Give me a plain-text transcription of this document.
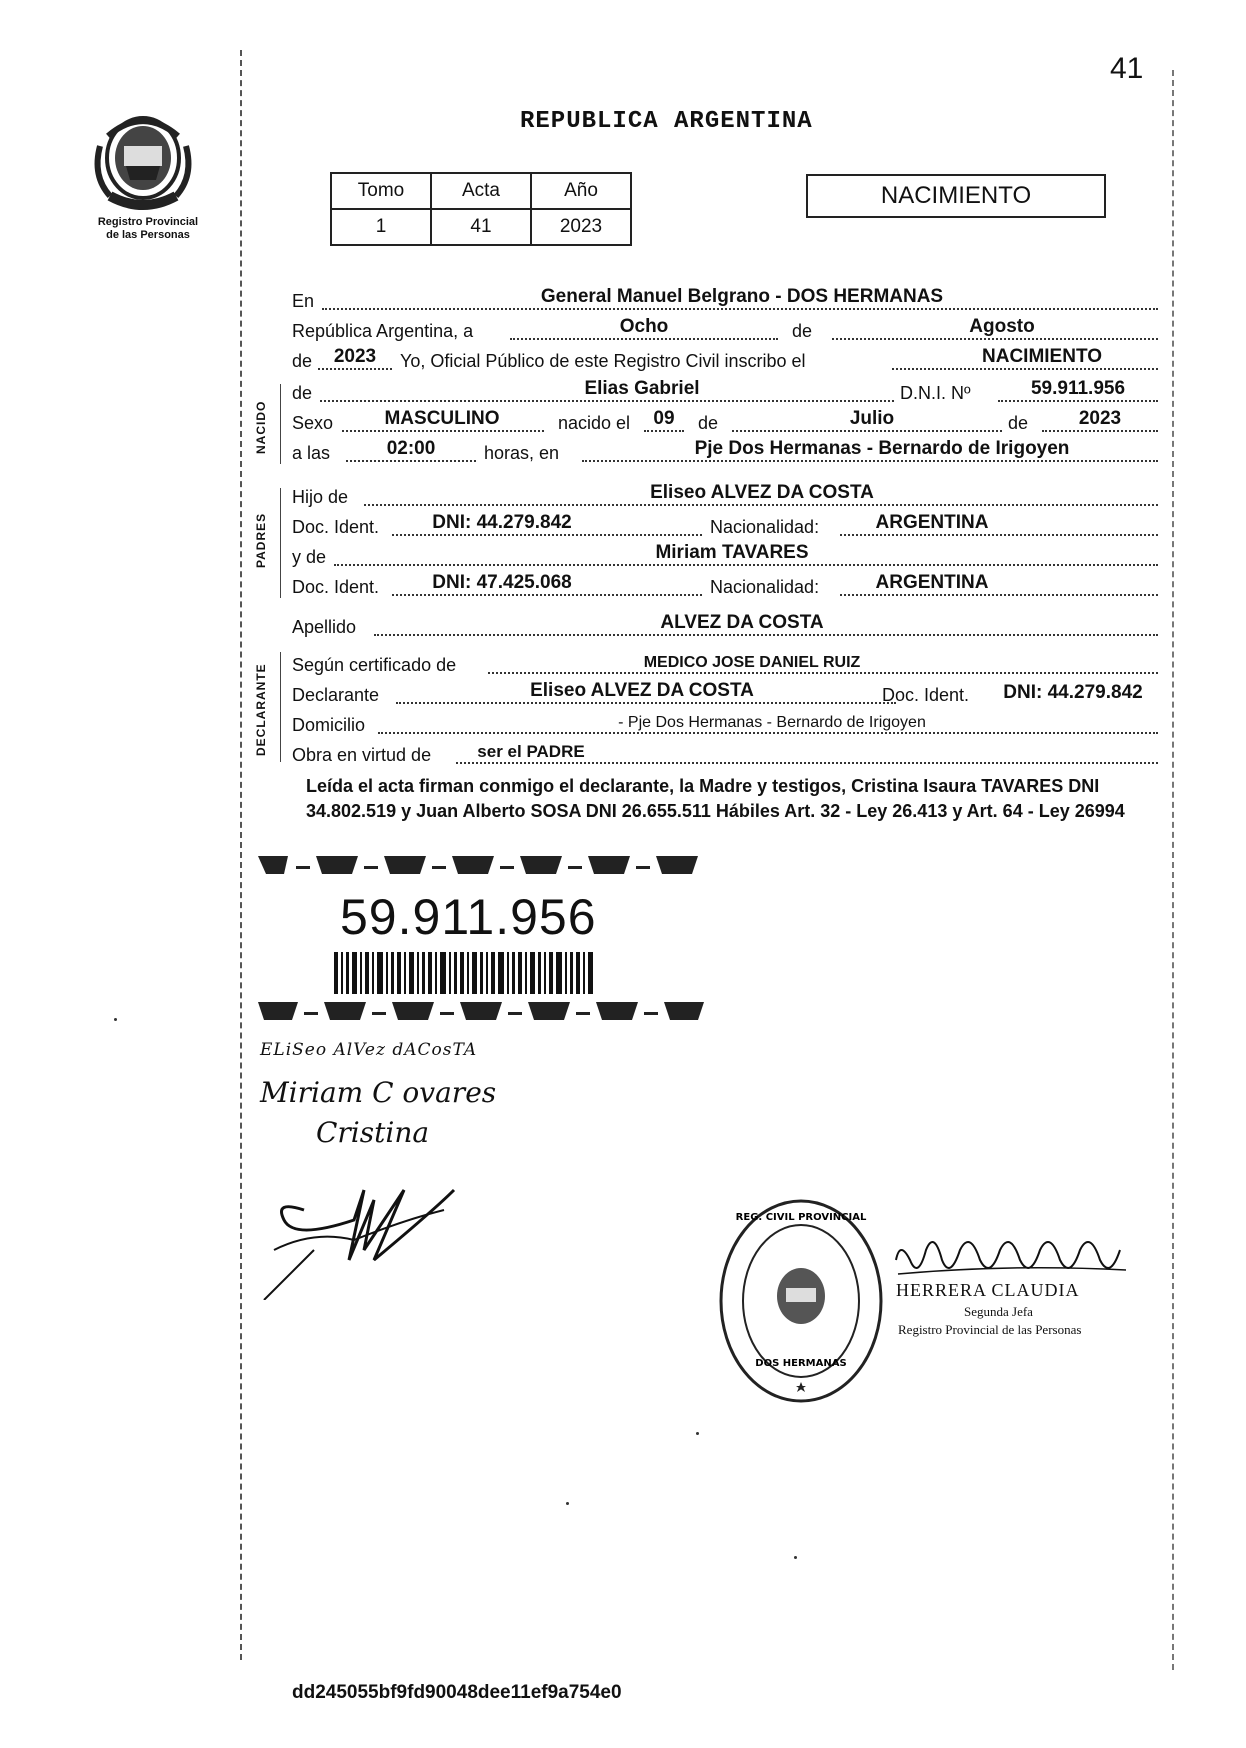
41
Registro Provincial
de las Personas
REPUBLICA ARGENTINA
Tomo	Acta	Año
1	41	2023
NACIMIENTO
En	General Manuel Belgrano - DOS HERMANAS
República Argentina, a	Ocho	de	Agosto
de	2023	Yo, Oficial Público de este Registro Civil inscribo el	NACIMIENTO
NACIDO
de	Elias Gabriel	D.N.I. Nº	59.911.956
Sexo	MASCULINO	nacido el	09	de	Julio	de	2023
a las	02:00	horas, en	Pje Dos Hermanas - Bernardo de Irigoyen
PADRES
Hijo de	Eliseo ALVEZ DA COSTA
Doc. Ident.	DNI: 44.279.842	Nacionalidad:	ARGENTINA
y de	Miriam TAVARES
Doc. Ident.	DNI: 47.425.068	Nacionalidad:	ARGENTINA
Apellido	ALVEZ DA COSTA
DECLARANTE Según certificado de	MEDICO JOSE DANIEL RUIZ
Declarante	Eliseo ALVEZ DA COSTA	Doc. Ident.	DNI: 44.279.842
Domicilio	- Pje Dos Hermanas - Bernardo de Irigoyen
Obra en virtud de	ser el PADRE
Leída el acta firman conmigo el declarante, la Madre y testigos, Cristina Isaura TAVARES DNI 34.802.519 y Juan Alberto SOSA DNI 26.655.511 Hábiles Art. 32 - Ley 26.413 y Art. 64 - Ley 26994
59.911.956
ELiSeo AlVez dACosTA
Miriam C ovares
Cristina
REG. CIVIL PROVINCIAL
DOS HERMANAS
DELEG. UN DEL REG. CIVIL PROVINCIAL DE LAS PERSONAS - PJE. DOS HERMANAS
HERRERA CLAUDIA
Segunda Jefa
Registro Provincial de las Personas
dd245055bf9fd90048dee11ef9a754e0
